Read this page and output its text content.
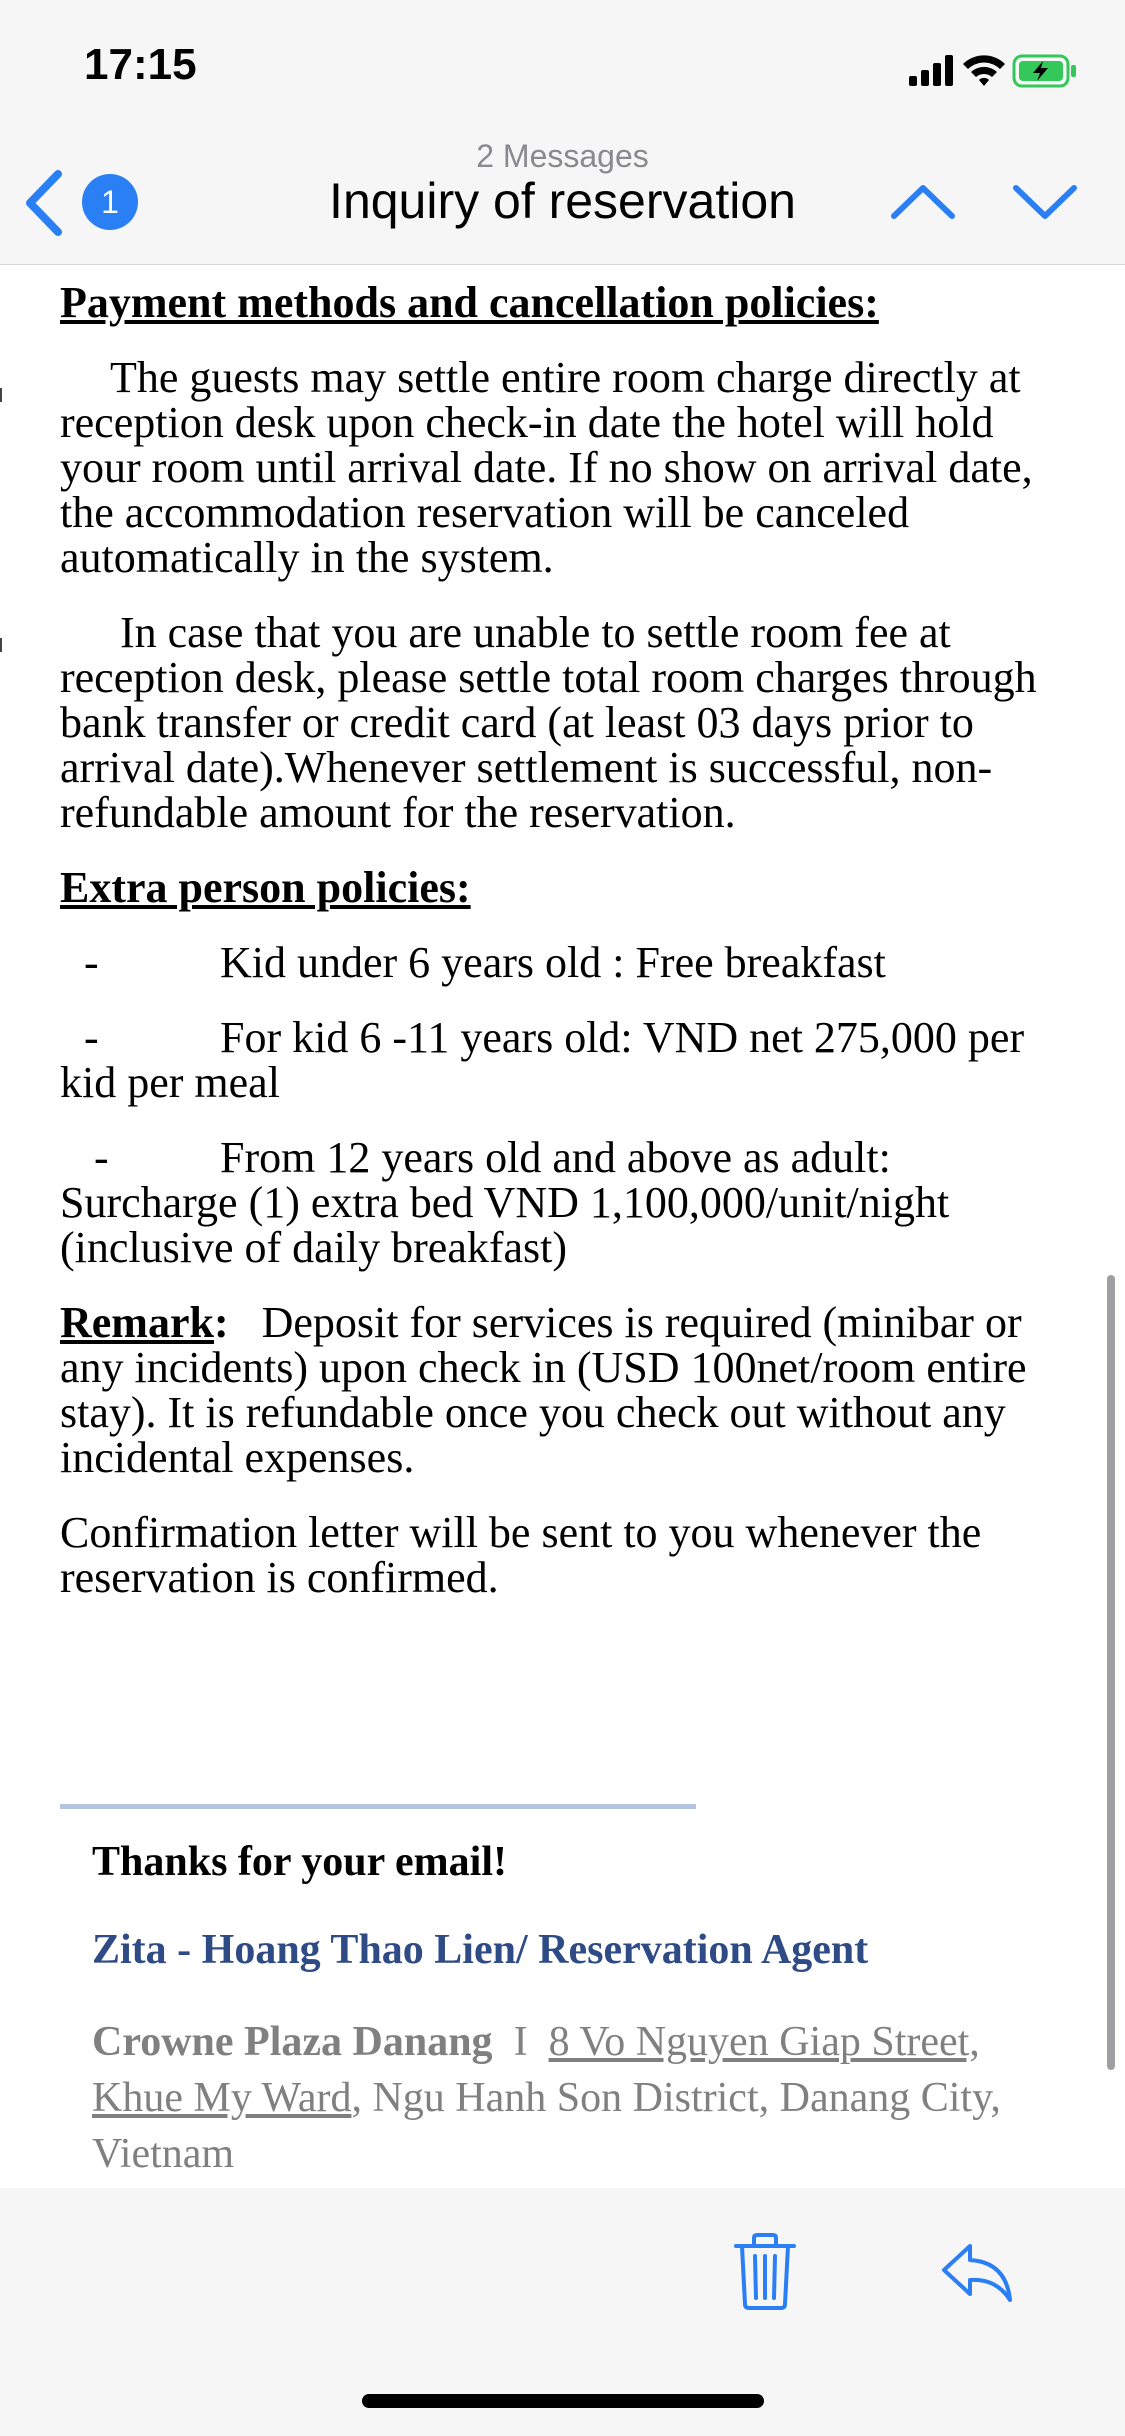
17:15
1
2 Messages
Inquiry of reservation

Payment methods and cancellation policies:

The guests may settle entire room charge directly at reception desk upon check-in date the hotel will hold your room until arrival date. If no show on arrival date, the accommodation reservation will be canceled automatically in the system.

In case that you are unable to settle room fee at reception desk, please settle total room charges through bank transfer or credit card (at least 03 days prior to arrival date).Whenever settlement is successful, non-refundable amount for the reservation.

Extra person policies:

-	Kid under 6 years old : Free breakfast

-	For kid 6 -11 years old: VND net 275,000 per kid per meal

-	From 12 years old and above as adult: Surcharge (1) extra bed VND 1,100,000/unit/night (inclusive of daily breakfast)

Remark: Deposit for services is required (minibar or any incidents) upon check in (USD 100net/room entire stay). It is refundable once you check out without any incidental expenses.

Confirmation letter will be sent to you whenever the reservation is confirmed.

Thanks for your email!

Zita - Hoang Thao Lien/ Reservation Agent

Crowne Plaza Danang I 8 Vo Nguyen Giap Street, Khue My Ward, Ngu Hanh Son District, Danang City, Vietnam
